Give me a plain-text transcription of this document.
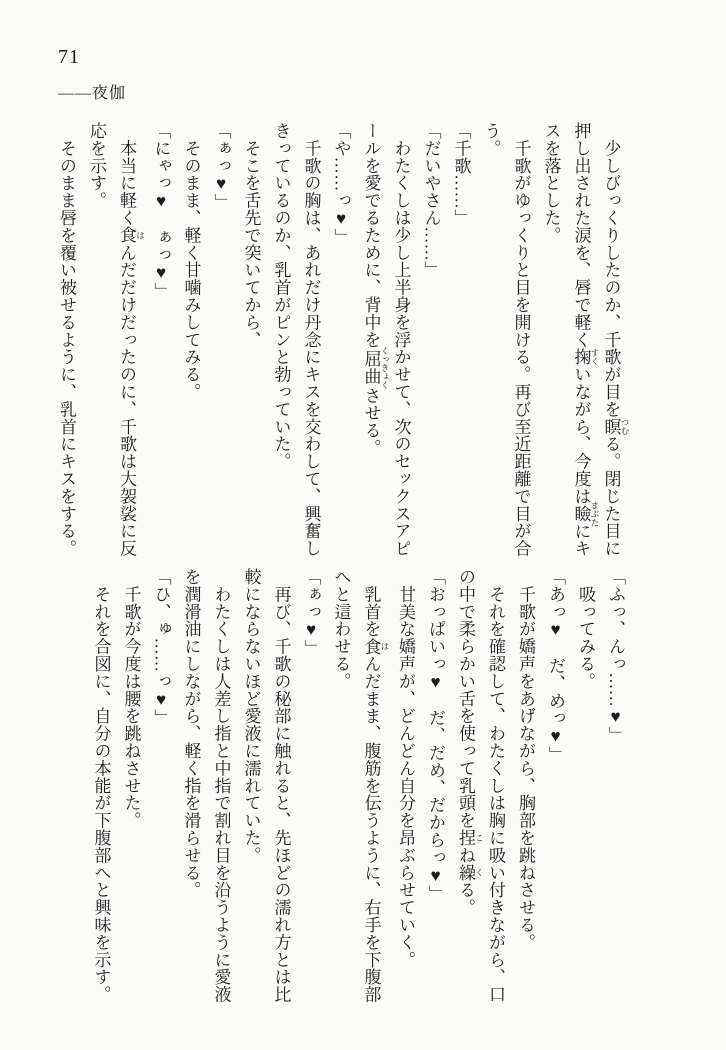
71
――夜伽

　少しびっくりしたのか、千歌が目を瞑 つむる。閉じた目に押し出された涙を、唇で軽く掬 すくいながら、今度は瞼 まぶたにキスを落とした。

　千歌がゆっくりと目を開ける。再び至近距離で目が合う。

「千歌……」

「だいやさん……」

　わたくしは少し上半身を浮かせて、次のセックスアピールを愛でるために、背中を屈曲 くっきょくさせる。

「や……っ♥」

　千歌の胸は、あれだけ丹念にキスを交わして、興奮しきっているのか、乳首がピンと勃っていた。

　そこを舌先で突いてから、

「ぁっ♥」

　そのまま、軽く甘噛みしてみる。

「にゃっ♥　ぁっ♥」

　本当に軽く食 はんだだけだったのに、千歌は大袈裟に反応を示す。

　そのまま唇を覆い被せるように、乳首にキスをする。

「ふっ、んっ……♥」

　吸ってみる。

「あっ♥　だ、めっ♥」

　千歌が嬌声をあげながら、胸部を跳ねさせる。

　それを確認して、わたくしは胸に吸い付きながら、口の中で柔らかい舌を使って乳頭を捏 こね繰 くる。

「おっぱいっ♥　だ、だめ、だからっ♥」

　甘美な嬌声が、どんどん自分を昂ぶらせていく。

　乳首を食 はんだまま、腹筋を伝うように、右手を下腹部へと這わせる。

「ぁっ♥」

　再び、千歌の秘部に触れると、先ほどの濡れ方とは比較にならないほど愛液に濡れていた。

　わたくしは人差し指と中指で割れ目を沿うように愛液を潤滑油にしながら、軽く指を滑らせる。

「ひ、ゅ……っ♥」

　千歌が今度は腰を跳ねさせた。

　それを合図に、自分の本能が下腹部へと興味を示す。
